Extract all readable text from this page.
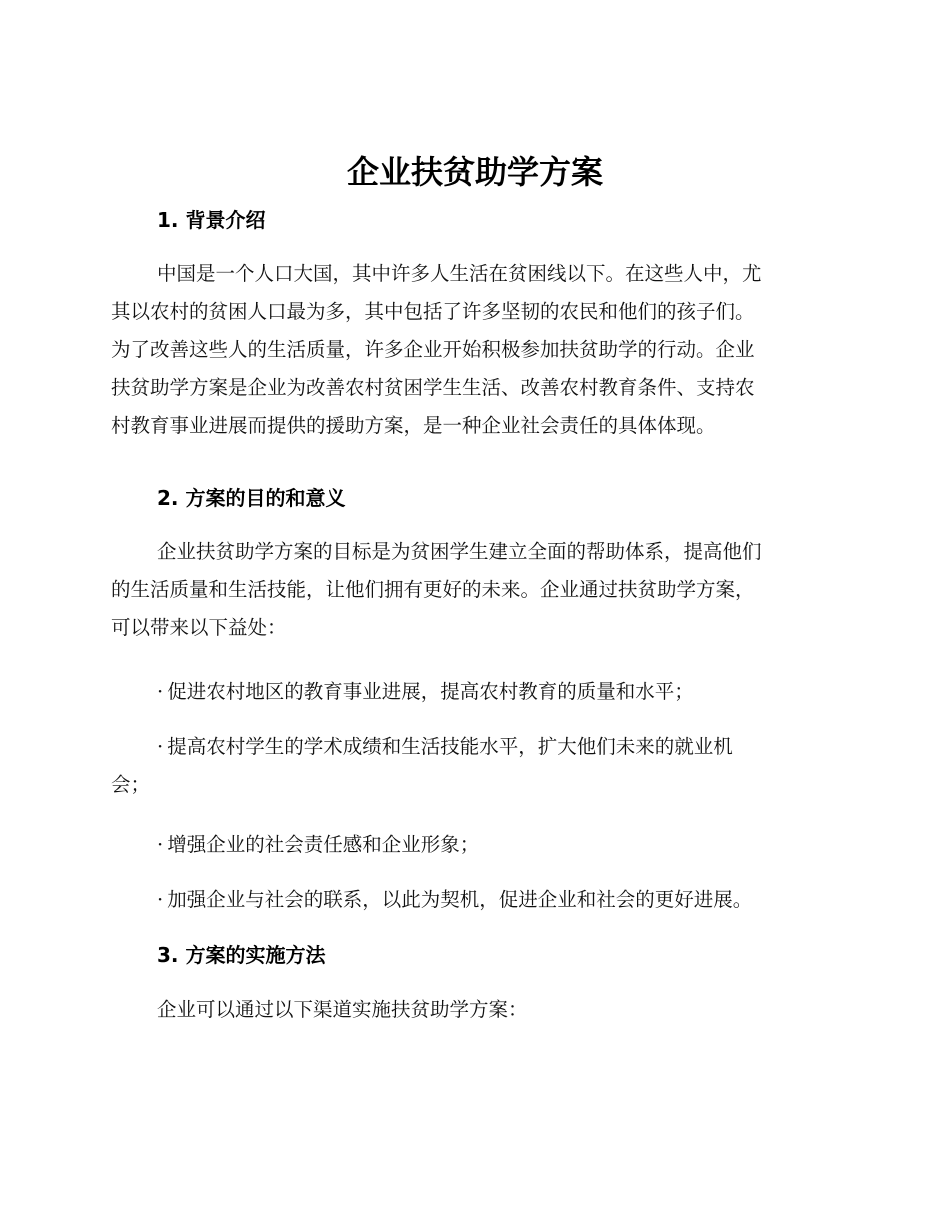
企业扶贫助学方案
1. 背景介绍

中国是一个人口大国，其中许多人生活在贫困线以下。在这些人中，尤
其以农村的贫困人口最为多，其中包括了许多坚韧的农民和他们的孩子们。
为了改善这些人的生活质量，许多企业开始积极参加扶贫助学的行动。企业
扶贫助学方案是企业为改善农村贫困学生生活、改善农村教育条件、支持农
村教育事业进展而提供的援助方案，是一种企业社会责任的具体体现。

2. 方案的目的和意义

企业扶贫助学方案的目标是为贫困学生建立全面的帮助体系，提高他们
的生活质量和生活技能，让他们拥有更好的未来。企业通过扶贫助学方案，
可以带来以下益处：

· 促进农村地区的教育事业进展，提高农村教育的质量和水平；

· 提高农村学生的学术成绩和生活技能水平，扩大他们未来的就业机
会；

· 增强企业的社会责任感和企业形象；

· 加强企业与社会的联系，以此为契机，促进企业和社会的更好进展。

3. 方案的实施方法

企业可以通过以下渠道实施扶贫助学方案：
